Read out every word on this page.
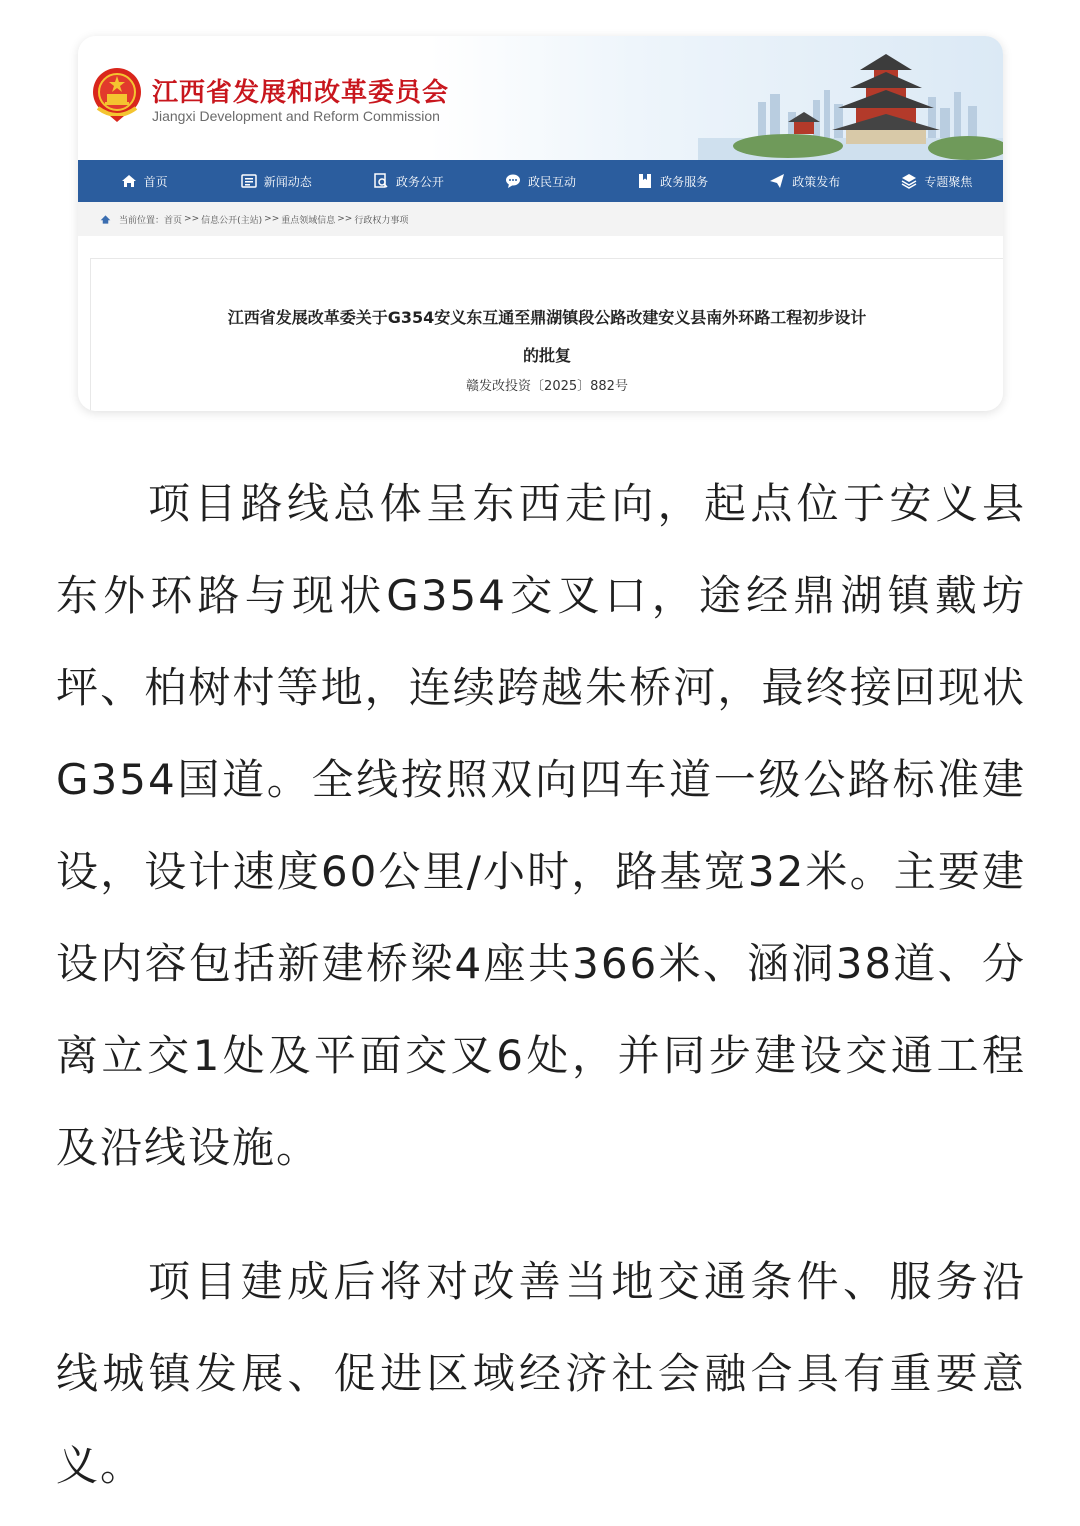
江西省发展和改革委员会
Jiangxi Development and Reform Commission
首页	新闻动态	政务公开	政民互动	政务服务	政策发布	专题聚焦
当前位置： 首页 >> 信息公开(主站) >> 重点领域信息 >> 行政权力事项
江西省发展改革委关于G354安义东互通至鼎湖镇段公路改建安义县南外环路工程初步设计
的批复
赣发改投资〔2025〕882号

项目路线总体呈东西走向，起点位于安义县东外环路与现状G354交叉口，途经鼎湖镇戴坊坪、柏树村等地，连续跨越朱桥河，最终接回现状G354国道。全线按照双向四车道一级公路标准建设，设计速度60公里/小时，路基宽32米。主要建设内容包括新建桥梁4座共366米、涵洞38道、分离立交1处及平面交叉6处，并同步建设交通工程及沿线设施。

项目建成后将对改善当地交通条件、服务沿线城镇发展、促进区域经济社会融合具有重要意义。
